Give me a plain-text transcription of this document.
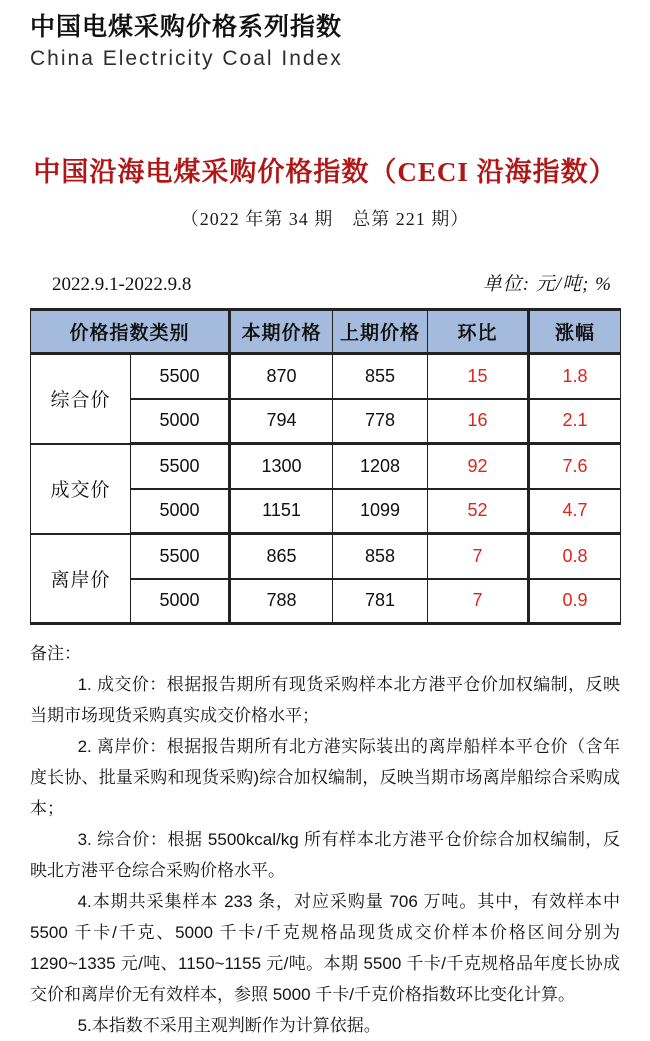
中国电煤采购价格系列指数
China Electricity Coal Index
中国沿海电煤采购价格指数（CECI 沿海指数）
（2022 年第 34 期　总第 221 期）
2022.9.1-2022.9.8	单位: 元/吨; %
价格指数类别		本期价格	上期价格	环比	涨幅
综合价	5500	870	855	15	1.8
	5000	794	778	16	2.1
成交价	5500	1300	1208	92	7.6
	5000	1151	1099	52	4.7
离岸价	5500	865	858	7	0.8
	5000	788	781	7	0.9
备注：

1. 成交价：根据报告期所有现货采购样本北方港平仓价加权编制，反映当期市场现货采购真实成交价格水平；

2. 离岸价：根据报告期所有北方港实际装出的离岸船样本平仓价（含年度长协、批量采购和现货采购)综合加权编制，反映当期市场离岸船综合采购成本；

3. 综合价：根据 5500kcal/kg 所有样本北方港平仓价综合加权编制，反映北方港平仓综合采购价格水平。

4.本期共采集样本 233 条，对应采购量 706 万吨。其中，有效样本中 5500 千卡/千克、5000 千卡/千克规格品现货成交价样本价格区间分别为 1290~1335 元/吨、1150~1155 元/吨。本期 5500 千卡/千克规格品年度长协成交价和离岸价无有效样本，参照 5000 千卡/千克价格指数环比变化计算。

5.本指数不采用主观判断作为计算依据。
